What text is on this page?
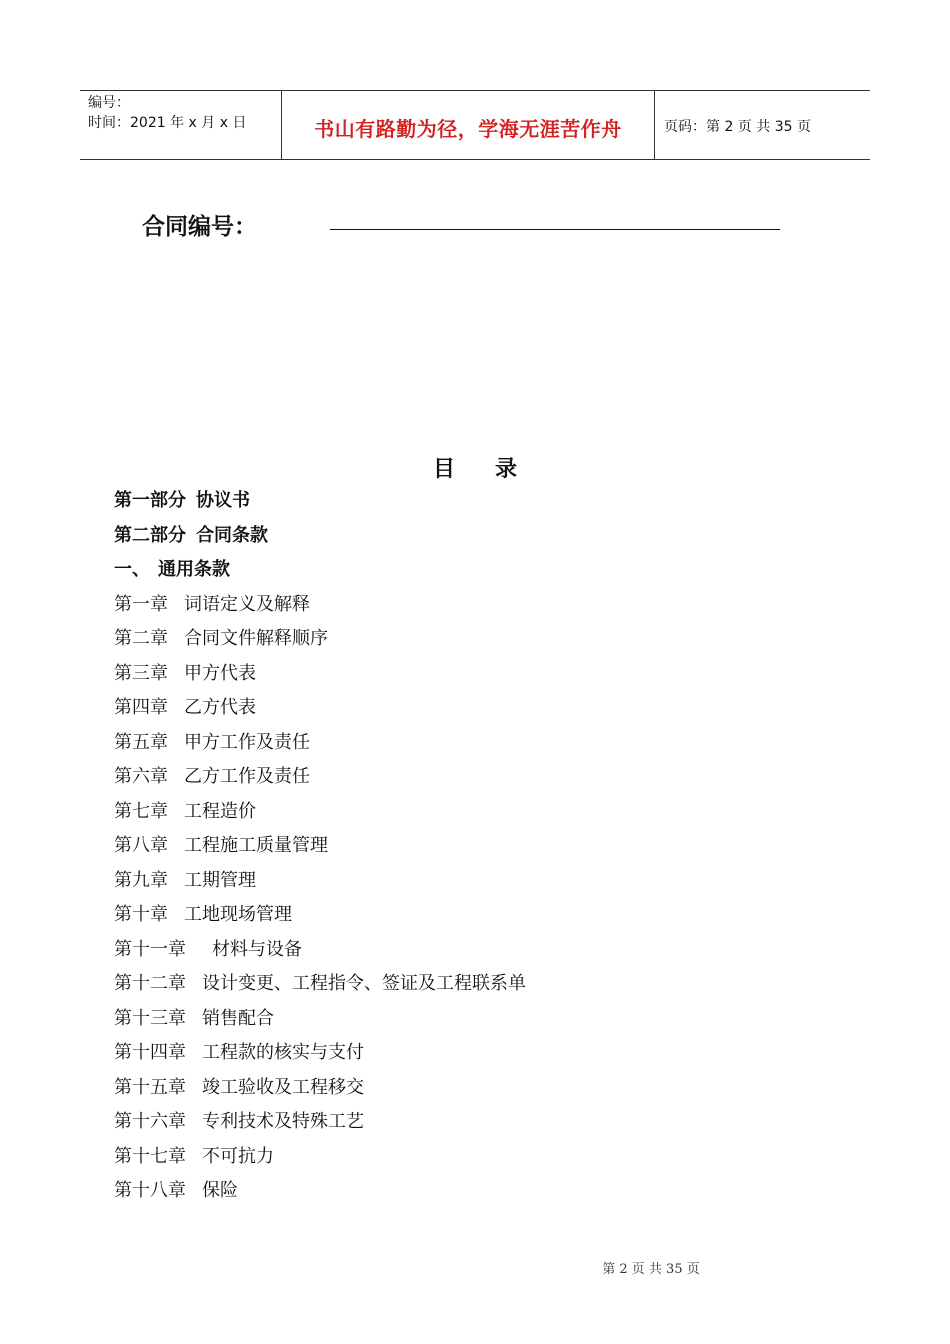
编号：
时间：2021 年 x 月 x 日	书山有路勤为径，学海无涯苦作舟	页码：第 2 页 共 35 页
合同编号：
目 录
第一部分 协议书
第二部分 合同条款
一、 通用条款
第一章 词语定义及解释
第二章 合同文件解释顺序
第三章 甲方代表
第四章 乙方代表
第五章 甲方工作及责任
第六章 乙方工作及责任
第七章 工程造价
第八章 工程施工质量管理
第九章 工期管理
第十章 工地现场管理
第十一章 材料与设备
第十二章 设计变更、工程指令、签证及工程联系单
第十三章 销售配合
第十四章 工程款的核实与支付
第十五章 竣工验收及工程移交
第十六章 专利技术及特殊工艺
第十七章 不可抗力
第十八章 保险
第 2 页 共 35 页
